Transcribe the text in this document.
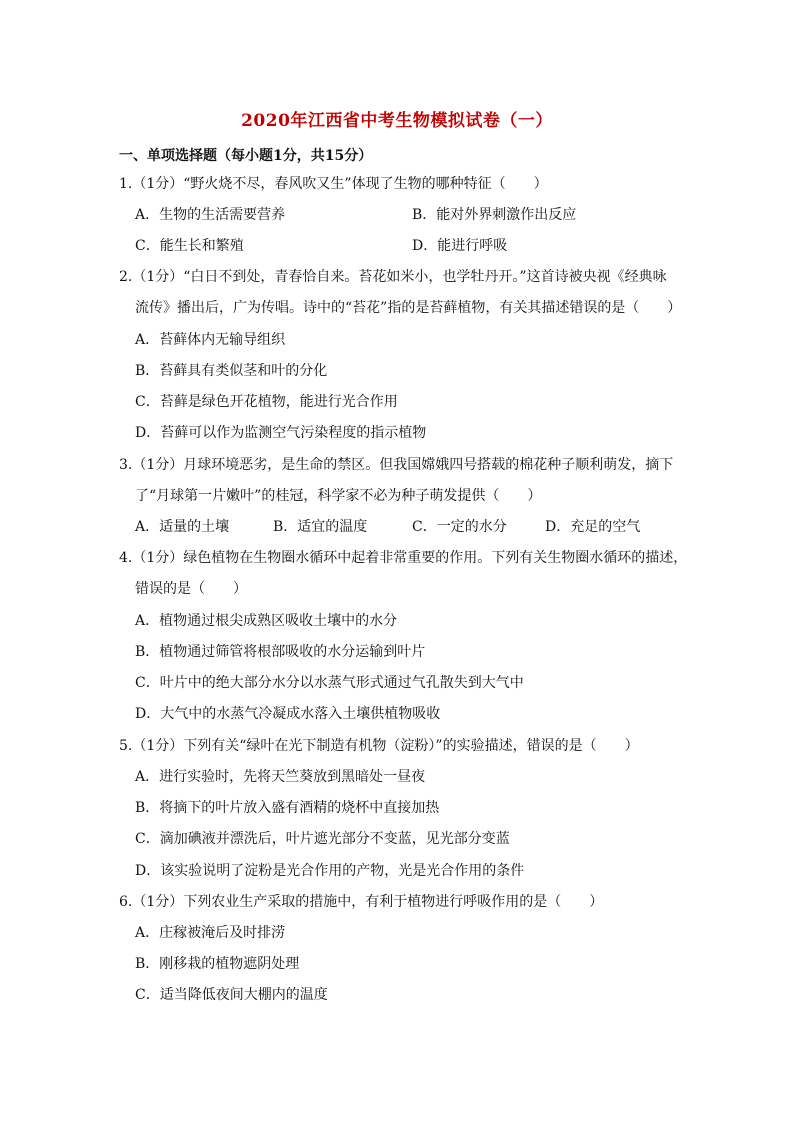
2020年江西省中考生物模拟试卷（一）
一、单项选择题（每小题1分，共15分）
1.（1分）“野火烧不尽，春风吹又生”体现了生物的哪种特征（　　）
A．生物的生活需要营养	B．能对外界刺激作出反应
C．能生长和繁殖	D．能进行呼吸
2.（1分）“白日不到处，青春恰自来。苔花如米小，也学牡丹开。”这首诗被央视《经典咏
流传》播出后，广为传唱。诗中的“苔花”指的是苔藓植物，有关其描述错误的是（　　）
A．苔藓体内无输导组织
B．苔藓具有类似茎和叶的分化
C．苔藓是绿色开花植物，能进行光合作用
D．苔藓可以作为监测空气污染程度的指示植物
3.（1分）月球环境恶劣，是生命的禁区。但我国嫦娥四号搭载的棉花种子顺利萌发，摘下
了“月球第一片嫩叶”的桂冠，科学家不必为种子萌发提供（　　）
A．适量的土壤	B．适宜的温度	C．一定的水分	D．充足的空气
4.（1分）绿色植物在生物圈水循环中起着非常重要的作用。下列有关生物圈水循环的描述，
错误的是（　　）
A．植物通过根尖成熟区吸收土壤中的水分
B．植物通过筛管将根部吸收的水分运输到叶片
C．叶片中的绝大部分水分以水蒸气形式通过气孔散失到大气中
D．大气中的水蒸气冷凝成水落入土壤供植物吸收
5.（1分）下列有关“绿叶在光下制造有机物（淀粉）”的实验描述，错误的是（　　）
A．进行实验时，先将天竺葵放到黑暗处一昼夜
B．将摘下的叶片放入盛有酒精的烧杯中直接加热
C．滴加碘液并漂洗后，叶片遮光部分不变蓝，见光部分变蓝
D．该实验说明了淀粉是光合作用的产物，光是光合作用的条件
6.（1分）下列农业生产采取的措施中，有利于植物进行呼吸作用的是（　　）
A．庄稼被淹后及时排涝
B．刚移栽的植物遮阴处理
C．适当降低夜间大棚内的温度
